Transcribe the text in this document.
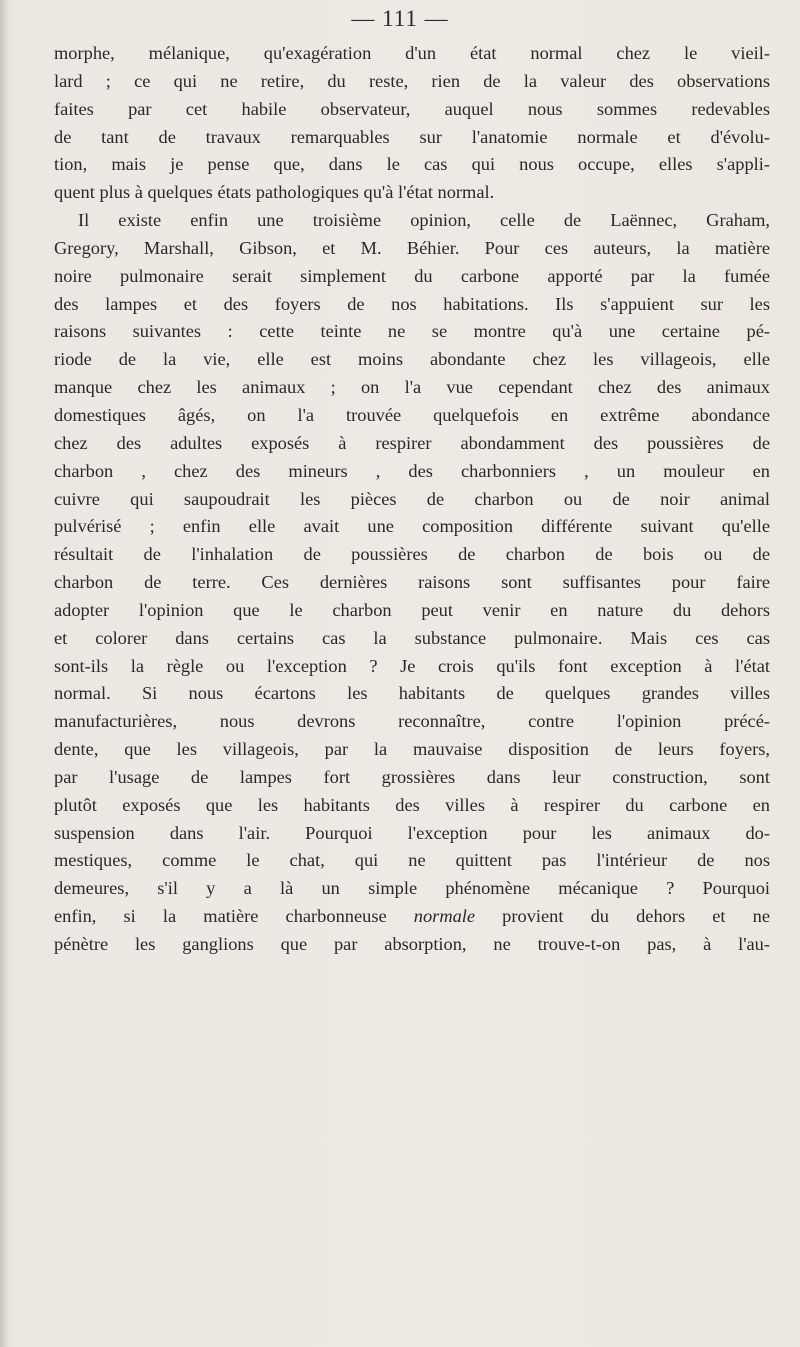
— 111 —
morphe, mélanique, qu'exagération d'un état normal chez le vieil-
lard ; ce qui ne retire, du reste, rien de la valeur des observations
faites par cet habile observateur, auquel nous sommes redevables
de tant de travaux remarquables sur l'anatomie normale et d'évolu-
tion, mais je pense que, dans le cas qui nous occupe, elles s'appli-
quent plus à quelques états pathologiques qu'à l'état normal.
Il existe enfin une troisième opinion, celle de Laënnec, Graham,
Gregory, Marshall, Gibson, et M. Béhier. Pour ces auteurs, la matière
noire pulmonaire serait simplement du carbone apporté par la fumée
des lampes et des foyers de nos habitations. Ils s'appuient sur les
raisons suivantes : cette teinte ne se montre qu'à une certaine pé-
riode de la vie, elle est moins abondante chez les villageois, elle
manque chez les animaux ; on l'a vue cependant chez des animaux
domestiques âgés, on l'a trouvée quelquefois en extrême abondance
chez des adultes exposés à respirer abondamment des poussières de
charbon , chez des mineurs , des charbonniers , un mouleur en
cuivre qui saupoudrait les pièces de charbon ou de noir animal
pulvérisé ; enfin elle avait une composition différente suivant qu'elle
résultait de l'inhalation de poussières de charbon de bois ou de
charbon de terre. Ces dernières raisons sont suffisantes pour faire
adopter l'opinion que le charbon peut venir en nature du dehors
et colorer dans certains cas la substance pulmonaire. Mais ces cas
sont-ils la règle ou l'exception ? Je crois qu'ils font exception à l'état
normal. Si nous écartons les habitants de quelques grandes villes
manufacturières, nous devrons reconnaître, contre l'opinion précé-
dente, que les villageois, par la mauvaise disposition de leurs foyers,
par l'usage de lampes fort grossières dans leur construction, sont
plutôt exposés que les habitants des villes à respirer du carbone en
suspension dans l'air. Pourquoi l'exception pour les animaux do-
mestiques, comme le chat, qui ne quittent pas l'intérieur de nos
demeures, s'il y a là un simple phénomène mécanique ? Pourquoi
enfin, si la matière charbonneuse normale provient du dehors et ne
pénètre les ganglions que par absorption, ne trouve-t-on pas, à l'au-
